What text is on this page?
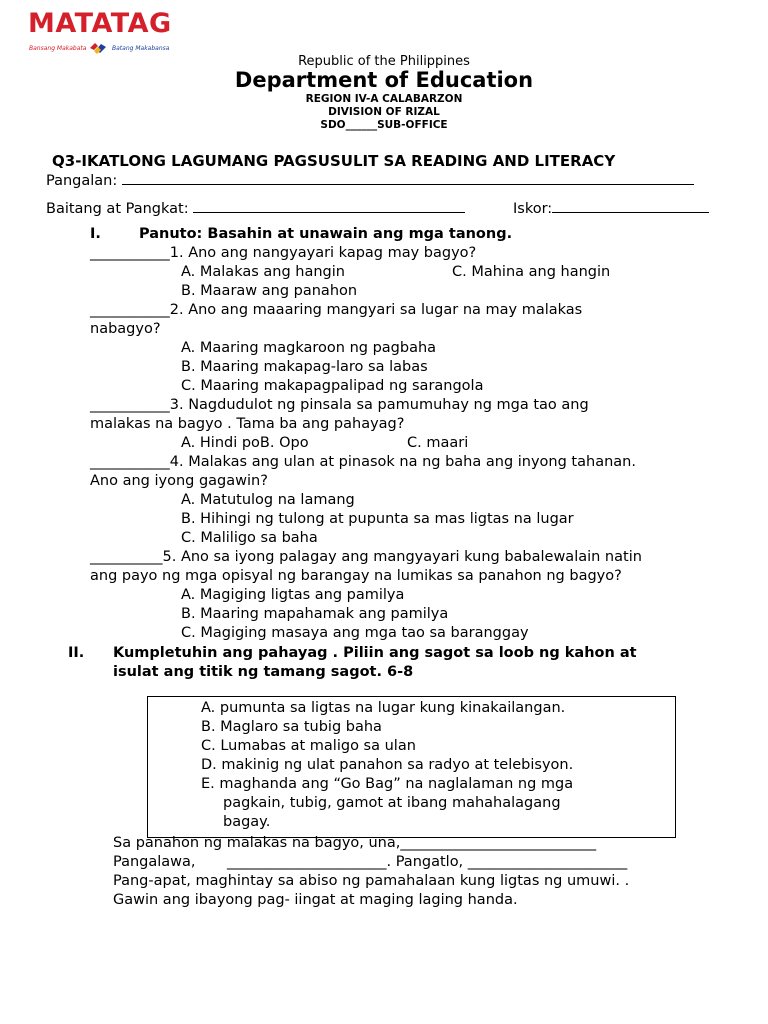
MATATAG
Bansang Makabata	Batang Makabansa
Republic of the Philippines
Department of Education
REGION IV-A CALABARZON
DIVISION OF RIZAL
SDO______SUB-OFFICE
Q3-IKATLONG LAGUMANG PAGSUSULIT SA READING AND LITERACY
Pangalan:
Baitang at Pangkat:	Iskor:
I.	Panuto: Basahin at unawain ang mga tanong.
___________1. Ano ang nangyayari kapag may bagyo?
A. Malakas ang hangin	C. Mahina ang hangin
B. Maaraw ang panahon
___________2. Ano ang maaaring mangyari sa lugar na may malakas
nabagyo?
A. Maaring magkaroon ng pagbaha
B. Maaring makapag-laro sa labas
C. Maaring makapagpalipad ng sarangola
___________3. Nagdudulot ng pinsala sa pamumuhay ng mga tao ang
malakas na bagyo . Tama ba ang pahayag?
A. Hindi poB. Opo	C. maari
___________4. Malakas ang ulan at pinasok na ng baha ang inyong tahanan.
Ano ang iyong gagawin?
A. Matutulog na lamang
B. Hihingi ng tulong at pupunta sa mas ligtas na lugar
C. Maliligo sa baha
__________5. Ano sa iyong palagay ang mangyayari kung babalewalain natin
ang payo ng mga opisyal ng barangay na lumikas sa panahon ng bagyo?
A. Magiging ligtas ang pamilya
B. Maaring mapahamak ang pamilya
C. Magiging masaya ang mga tao sa baranggay
II. Kumpletuhin ang pahayag . Piliin ang sagot sa loob ng kahon at
isulat ang titik ng tamang sagot. 6-8
A. pumunta sa ligtas na lugar kung kinakailangan.
B. Maglaro sa tubig baha
C. Lumabas at maligo sa ulan
D. makinig ng ulat panahon sa radyo at telebisyon.
E. maghanda ang “Go Bag” na naglalaman ng mga
pagkain, tubig, gamot at ibang mahahalagang
bagay.
Sa panahon ng malakas na bagyo, una,___________________________
Pangalawa, ______________________. Pangatlo, ______________________
Pang-apat, maghintay sa abiso ng pamahalaan kung ligtas ng umuwi. .
Gawin ang ibayong pag- iingat at maging laging handa.
